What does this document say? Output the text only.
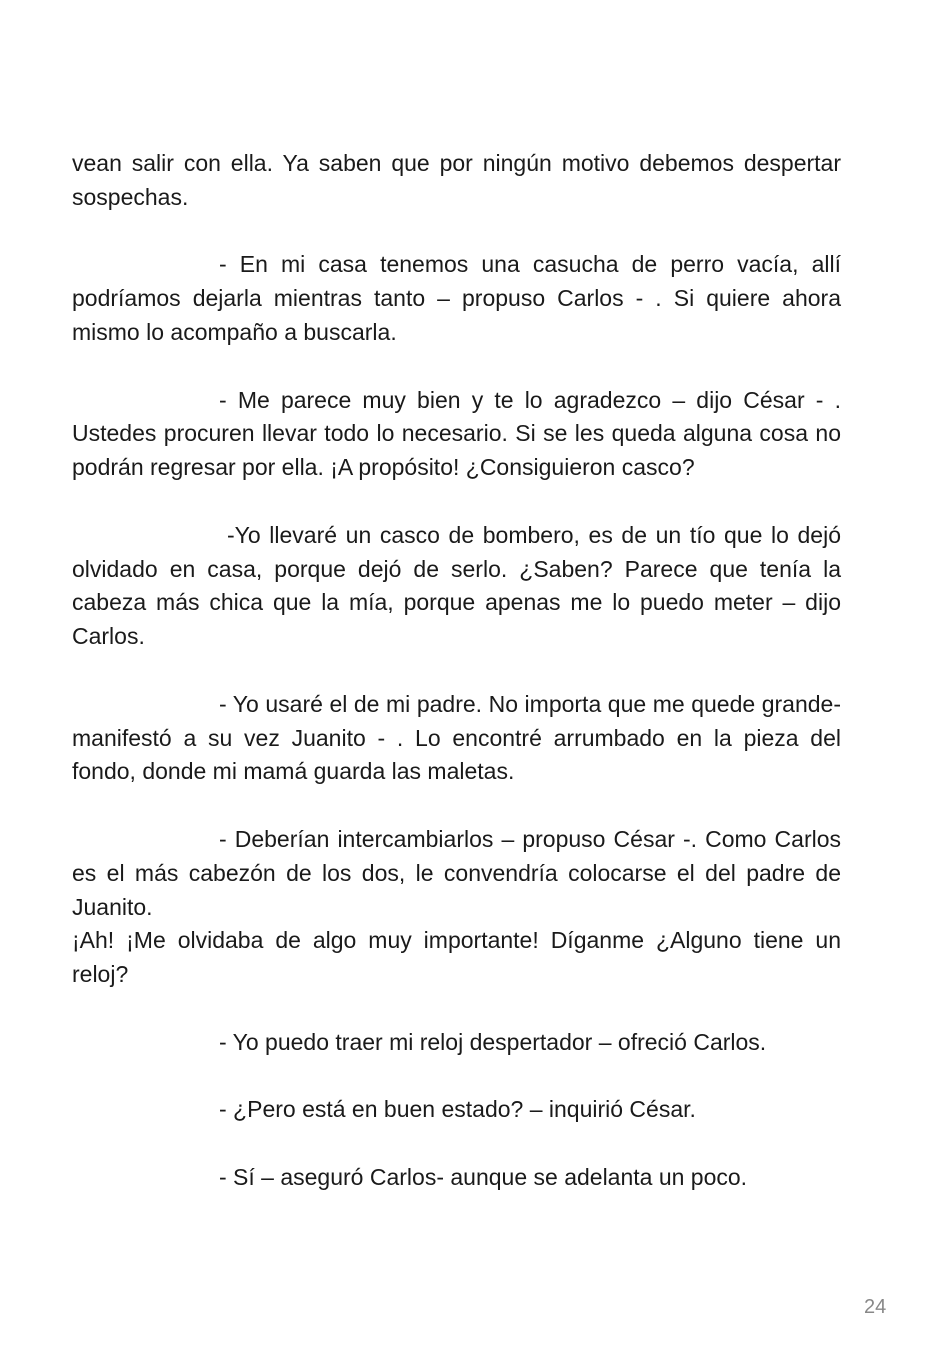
vean salir con ella. Ya saben que por ningún motivo debemos despertar sospechas.

- En mi casa tenemos una casucha de perro vacía, allí podríamos dejarla mientras tanto – propuso Carlos - . Si quiere ahora mismo lo acompaño a buscarla.

- Me parece muy bien y te lo agradezco – dijo César - . Ustedes procuren llevar todo lo necesario. Si se les queda alguna cosa no podrán regresar por ella. ¡A propósito! ¿Consiguieron casco?

-Yo llevaré un casco de bombero, es de un tío que lo dejó olvidado en casa, porque dejó de serlo. ¿Saben? Parece que tenía la cabeza más chica que la mía, porque apenas me lo puedo meter – dijo Carlos.

- Yo usaré el de mi padre. No importa que me quede grande- manifestó a su vez Juanito - . Lo encontré arrumbado en la pieza del fondo, donde mi mamá guarda las maletas.

- Deberían intercambiarlos – propuso César -. Como Carlos es el más cabezón de los dos, le convendría colocarse el del padre de Juanito.

¡Ah! ¡Me olvidaba de algo muy importante! Díganme ¿Alguno tiene un reloj?

- Yo puedo traer mi reloj despertador – ofreció Carlos.

- ¿Pero está en buen estado? – inquirió César.

- Sí – aseguró Carlos- aunque se adelanta un poco.

24
